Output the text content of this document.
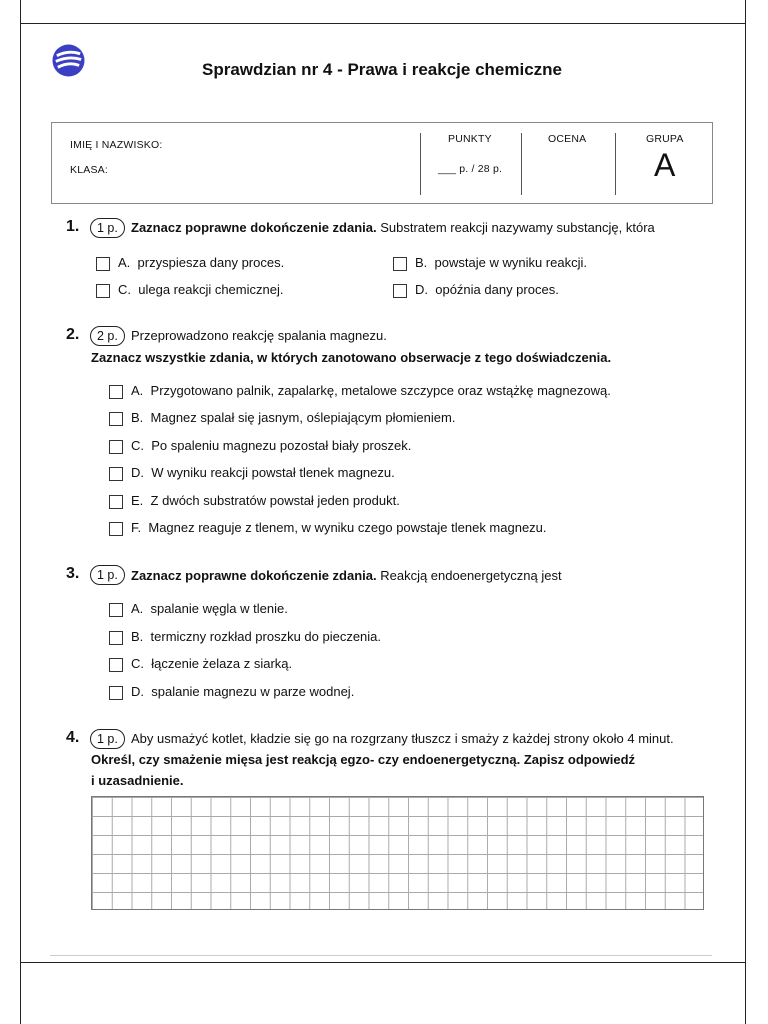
Sprawdzian nr 4 - Prawa i reakcje chemiczne
IMIĘ I NAZWISKO:
KLASA:
PUNKTY
___ p. / 28 p.
OCENA	GRUPA
A
1.	1 p.	Zaznacz poprawne dokończenie zdania. Substratem reakcji nazywamy substancję, która
A. przyspiesza dany proces.	B. powstaje w wyniku reakcji.
C. ulega reakcji chemicznej.	D. opóźnia dany proces.
2.	2 p.	Przeprowadzono reakcję spalania magnezu.
Zaznacz wszystkie zdania, w których zanotowano obserwacje z tego doświadczenia.
A. Przygotowano palnik, zapalarkę, metalowe szczypce oraz wstążkę magnezową.
B. Magnez spalał się jasnym, oślepiającym płomieniem.
C. Po spaleniu magnezu pozostał biały proszek.
D. W wyniku reakcji powstał tlenek magnezu.
E. Z dwóch substratów powstał jeden produkt.
F. Magnez reaguje z tlenem, w wyniku czego powstaje tlenek magnezu.
3.	1 p.	Zaznacz poprawne dokończenie zdania. Reakcją endoenergetyczną jest
A. spalanie węgla w tlenie.
B. termiczny rozkład proszku do pieczenia.
C. łączenie żelaza z siarką.
D. spalanie magnezu w parze wodnej.
4.	1 p.	Aby usmażyć kotlet, kładzie się go na rozgrzany tłuszcz i smaży z każdej strony około 4 minut.
Określ, czy smażenie mięsa jest reakcją egzo- czy endoenergetyczną. Zapisz odpowiedź
i uzasadnienie.
